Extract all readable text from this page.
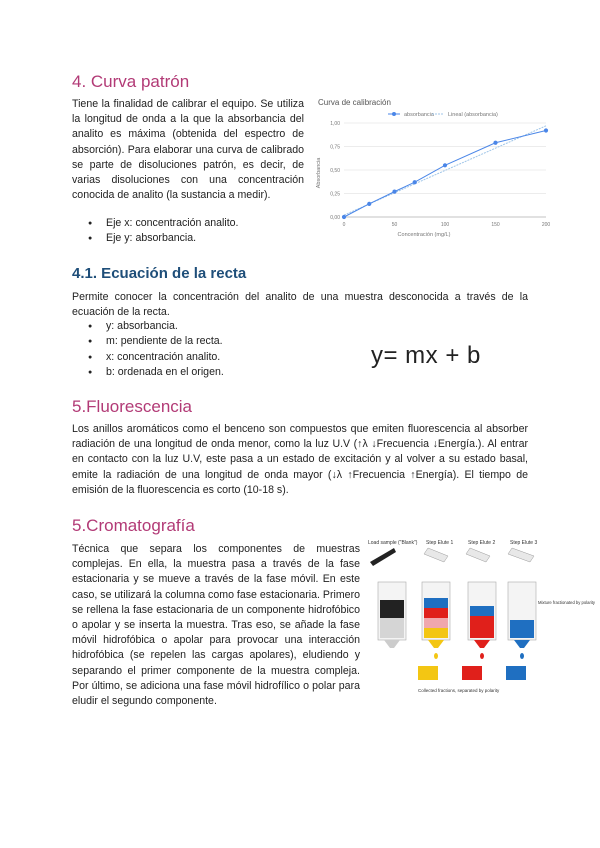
4. Curva patrón

Tiene la finalidad de calibrar el equipo. Se utiliza la longitud de onda a la que la absorbancia del analito es máxima (obtenida del espectro de absorción). Para elaborar una curva de calibrado se parte de disoluciones patrón, es decir, de varias disoluciones con una concentración conocida de analito (la sustancia a medir).

● Eje x: concentración analito.
● Eje y: absorbancia.
Curva de calibración
absorbancia	Lineal (absorbancia)
0,00
0,25
0,50
0,75
1,00
0	50	100	150	200
Concentración (mg/L)
Absorbancia
4.1. Ecuación de la recta

Permite conocer la concentración del analito de una muestra desconocida a través de la ecuación de la recta.

● y: absorbancia.
● m: pendiente de la recta.
● x: concentración analito.
● b: ordenada en el origen.
y= mx + b
5.Fluorescencia

Los anillos aromáticos como el benceno son compuestos que emiten fluorescencia al absorber radiación de una longitud de onda menor, como la luz U.V (↑λ ↓Frecuencia ↓Energía.). Al entrar en contacto con la luz U.V, este pasa a un estado de excitación y al volver a su estado basal, emite la radiación de una longitud de onda mayor (↓λ ↑Frecuencia ↑Energía). El tiempo de emisión de la fluorescencia es corto (10-18 s).

5.Cromatografía

Técnica que separa los componentes de muestras complejas. En ella, la muestra pasa a través de la fase estacionaria y se mueve a través de la fase móvil. En este caso, se utilizará la columna como fase estacionaria. Primero se rellena la fase estacionaria de un componente hidrofóbico o apolar y se inserta la muestra. Tras eso, se añade la fase móvil hidrofóbica o apolar para provocar una interacción hidrofóbica (se repelen las cargas apolares), eludiendo y separando el primer componente de la muestra compleja. Por último, se adiciona una fase móvil hidrofílico o polar para eludir el segundo componente.

Load sample ("Blank") Step Elute 1	Step Elute 2	Step Elute 3
Mixture fractionated by polarity
Collected fractions, separated by polarity
